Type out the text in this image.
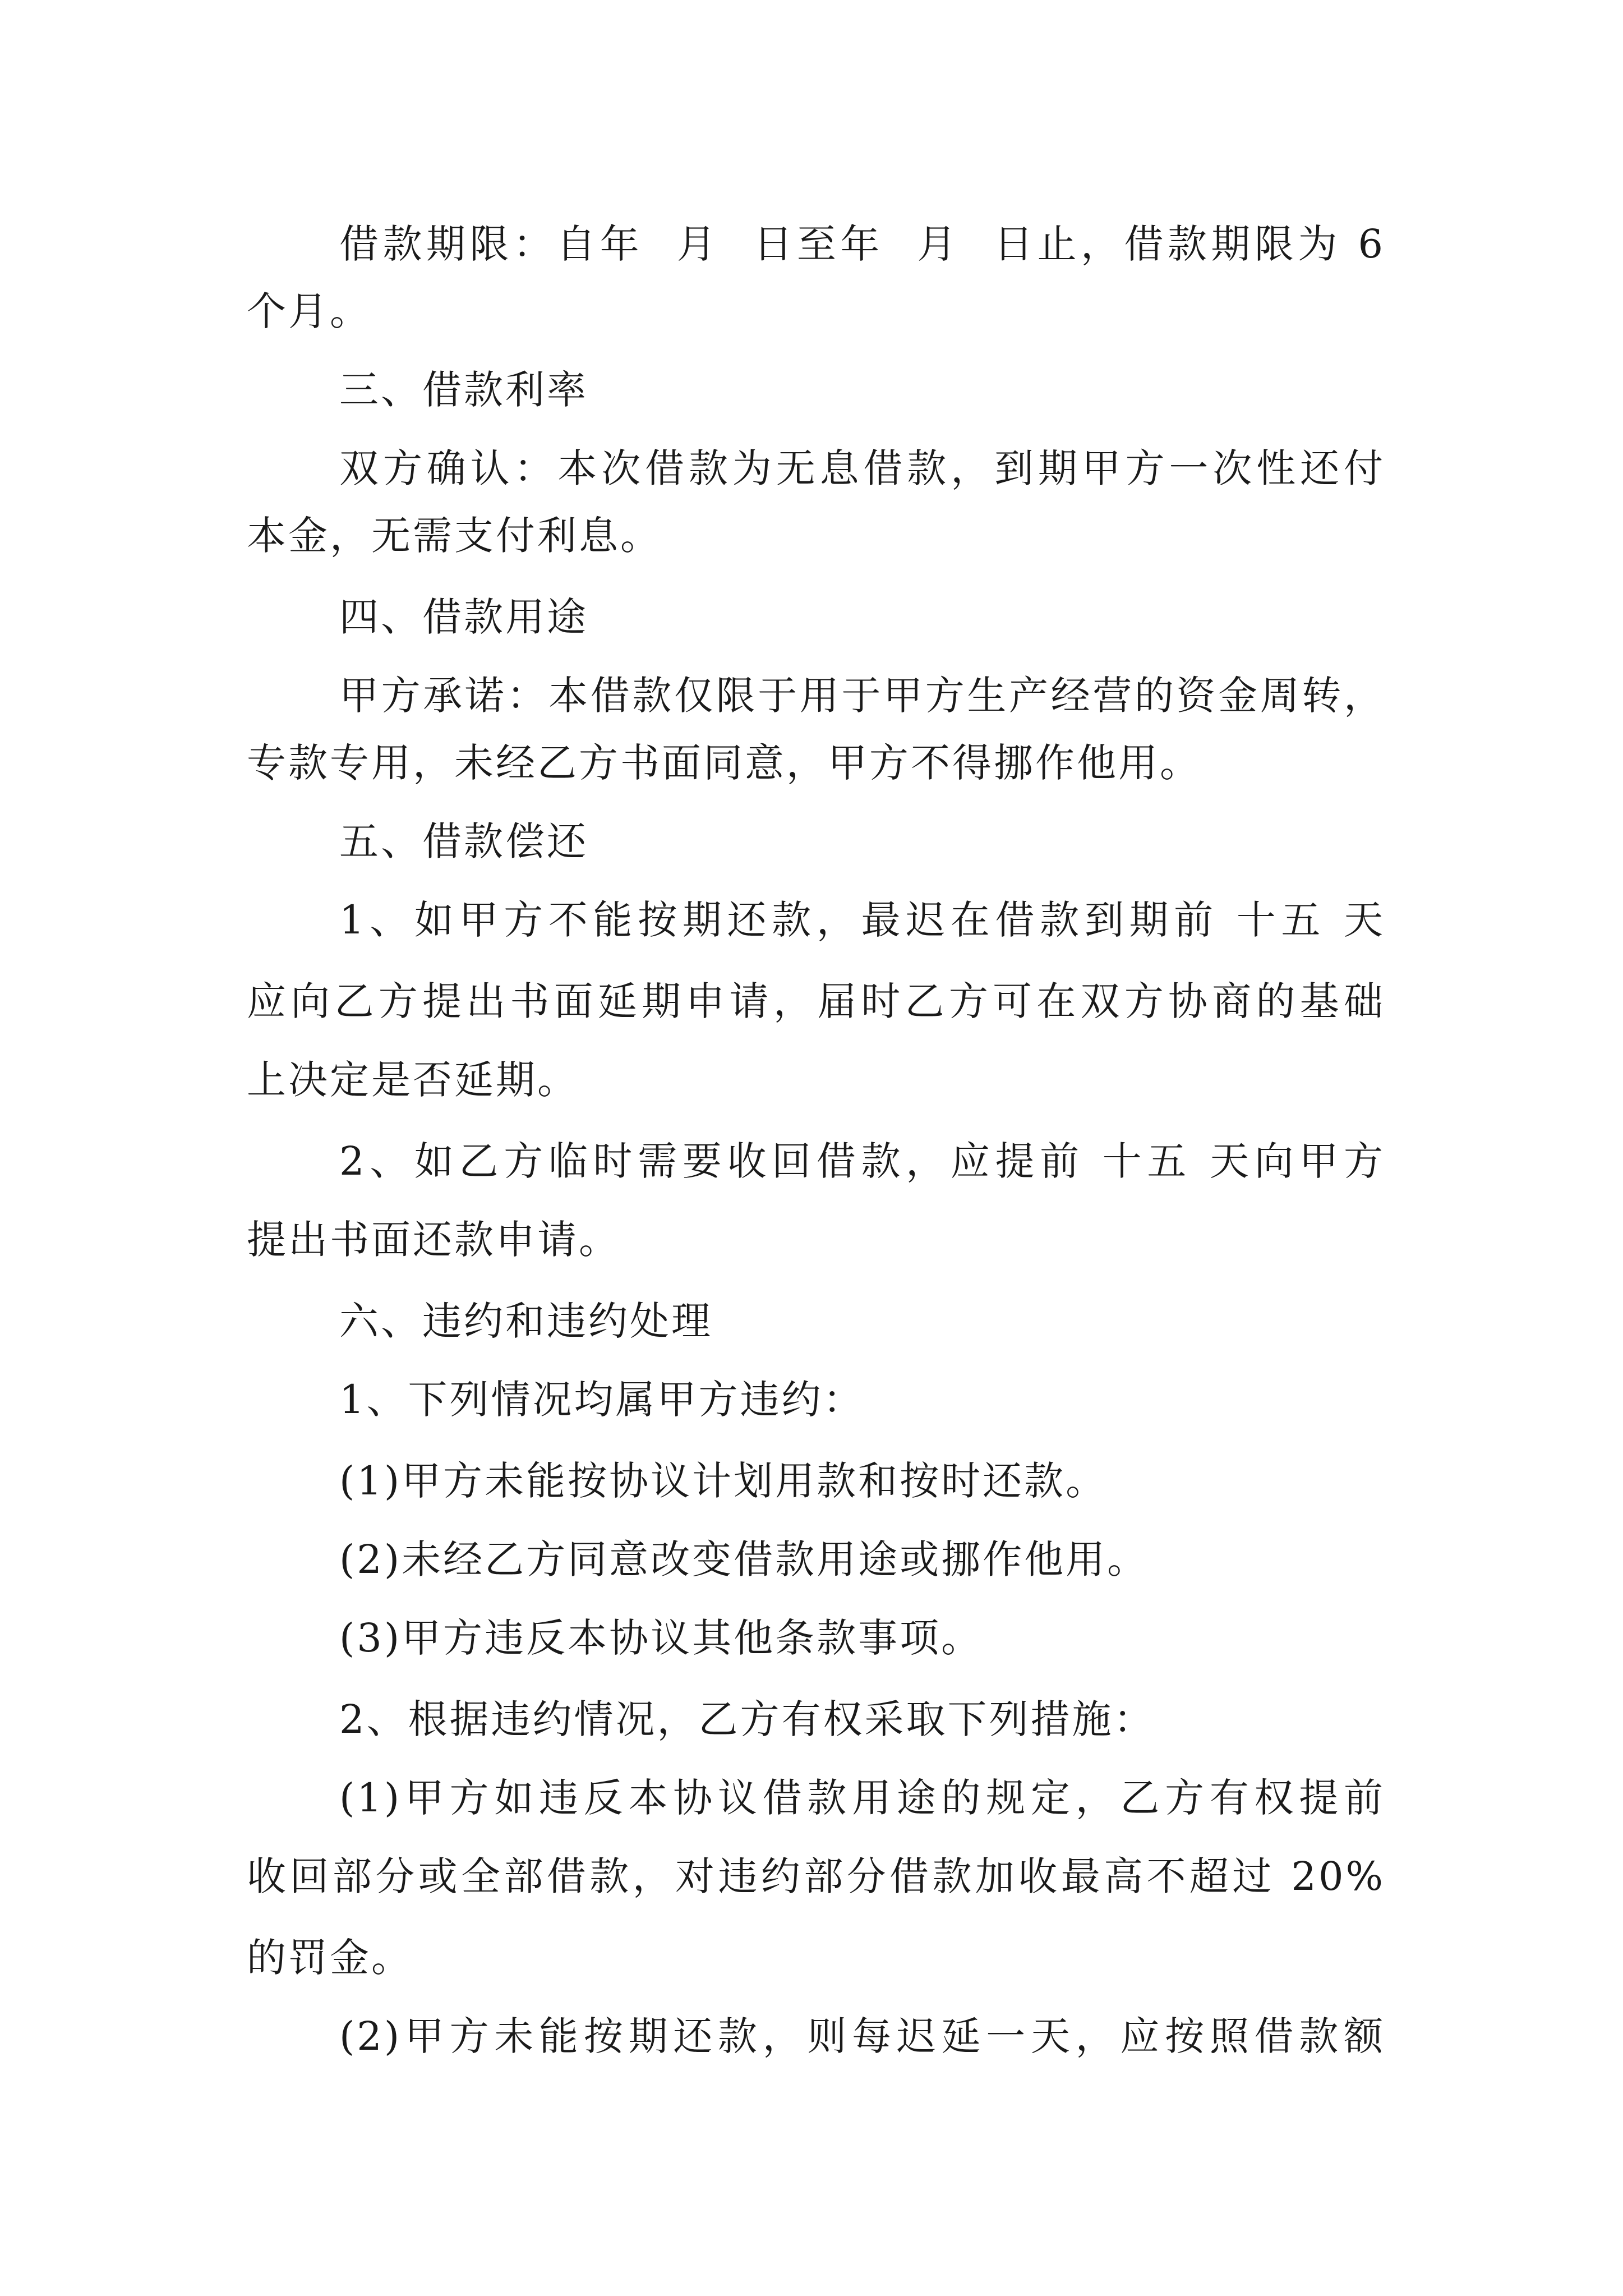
借款期限：自年  月  日至年  月  日止，借款期限为 6
个月。
三、借款利率
双方确认：本次借款为无息借款，到期甲方一次性还付
本金，无需支付利息。
四、借款用途
甲方承诺：本借款仅限于用于甲方生产经营的资金周转，
专款专用，未经乙方书面同意，甲方不得挪作他用。
五、借款偿还
1、如甲方不能按期还款，最迟在借款到期前 十五 天
应向乙方提出书面延期申请，届时乙方可在双方协商的基础
上决定是否延期。
2、如乙方临时需要收回借款，应提前 十五 天向甲方
提出书面还款申请。
六、违约和违约处理
1、下列情况均属甲方违约：
(1)甲方未能按协议计划用款和按时还款。
(2)未经乙方同意改变借款用途或挪作他用。
(3)甲方违反本协议其他条款事项。
2、根据违约情况，乙方有权采取下列措施：
(1)甲方如违反本协议借款用途的规定，乙方有权提前
收回部分或全部借款，对违约部分借款加收最高不超过 20%
的罚金。
(2)甲方未能按期还款，则每迟延一天，应按照借款额
